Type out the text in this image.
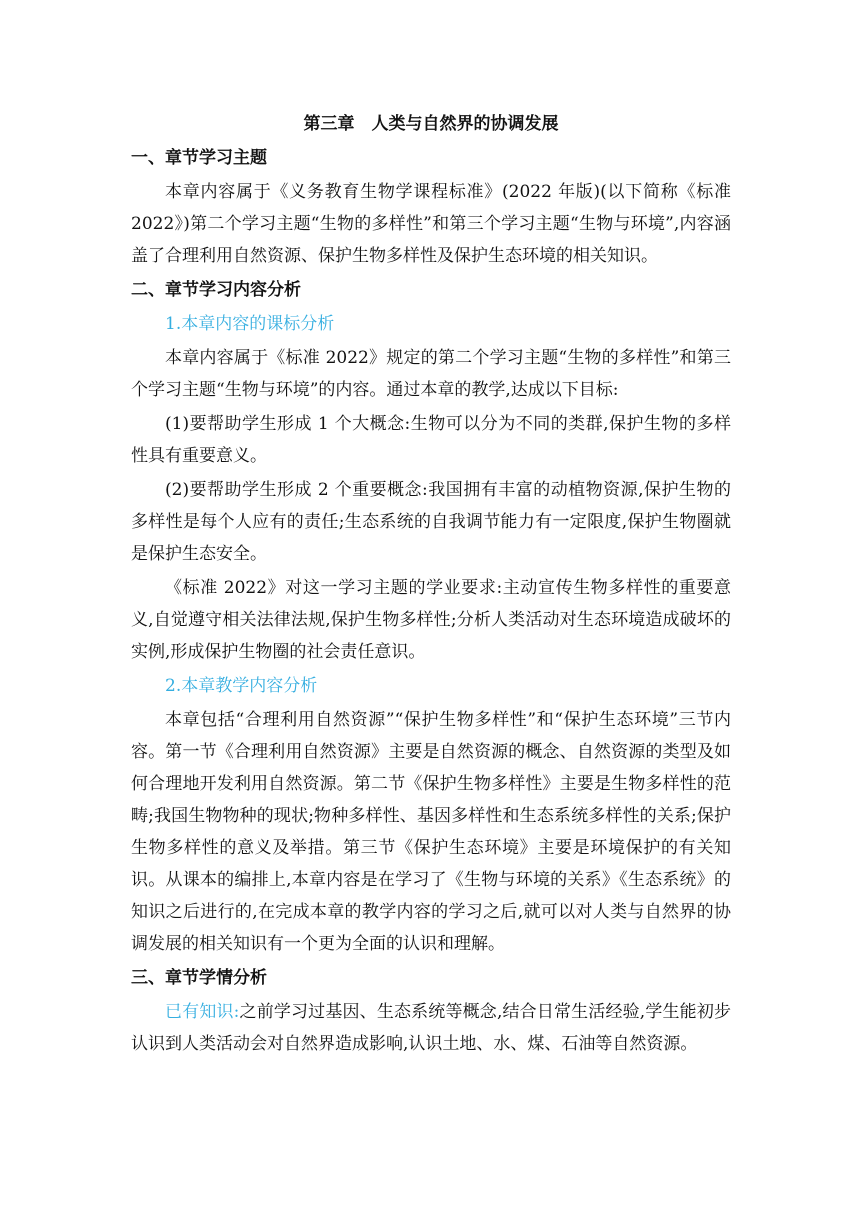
第三章　人类与自然界的协调发展
一、章节学习主题
本章内容属于《义务教育生物学课程标准》(2022 年版)(以下简称《标准 2022》)第二个学习主题“生物的多样性”和第三个学习主题“生物与环境”,内容涵盖了合理利用自然资源、保护生物多样性及保护生态环境的相关知识。
二、章节学习内容分析
1.本章内容的课标分析
本章内容属于《标准 2022》规定的第二个学习主题“生物的多样性”和第三个学习主题“生物与环境”的内容。通过本章的教学,达成以下目标:
(1)要帮助学生形成 1 个大概念:生物可以分为不同的类群,保护生物的多样性具有重要意义。
(2)要帮助学生形成 2 个重要概念:我国拥有丰富的动植物资源,保护生物的多样性是每个人应有的责任;生态系统的自我调节能力有一定限度,保护生物圈就是保护生态安全。
《标准 2022》对这一学习主题的学业要求:主动宣传生物多样性的重要意义,自觉遵守相关法律法规,保护生物多样性;分析人类活动对生态环境造成破坏的实例,形成保护生物圈的社会责任意识。
2.本章教学内容分析
本章包括“合理利用自然资源”“保护生物多样性”和“保护生态环境”三节内容。第一节《合理利用自然资源》主要是自然资源的概念、自然资源的类型及如何合理地开发利用自然资源。第二节《保护生物多样性》主要是生物多样性的范畴;我国生物物种的现状;物种多样性、基因多样性和生态系统多样性的关系;保护生物多样性的意义及举措。第三节《保护生态环境》主要是环境保护的有关知识。从课本的编排上,本章内容是在学习了《生物与环境的关系》《生态系统》的知识之后进行的,在完成本章的教学内容的学习之后,就可以对人类与自然界的协调发展的相关知识有一个更为全面的认识和理解。
三、章节学情分析
已有知识:之前学习过基因、生态系统等概念,结合日常生活经验,学生能初步认识到人类活动会对自然界造成影响,认识土地、水、煤、石油等自然资源。
